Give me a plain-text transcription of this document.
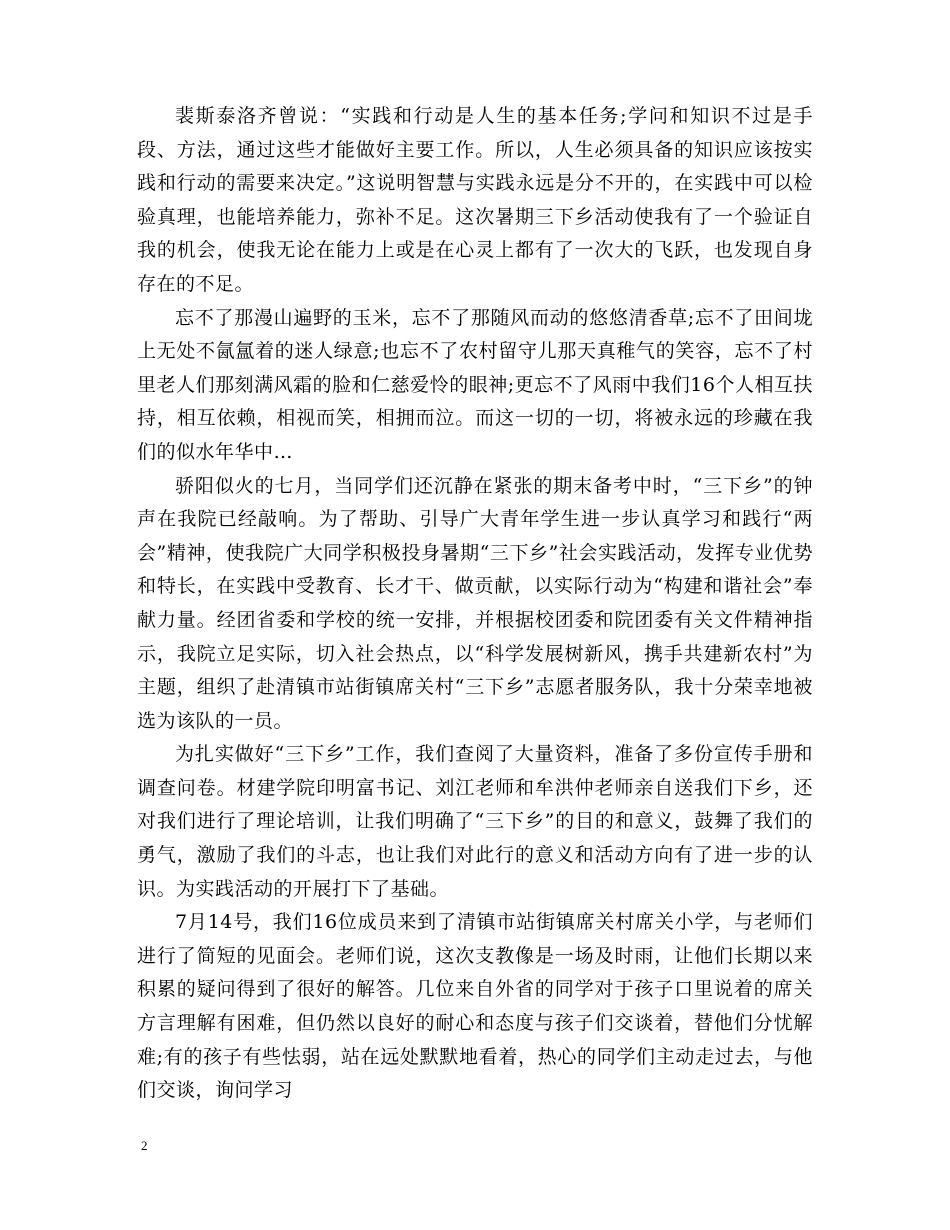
裴斯泰洛齐曾说：“实践和行动是人生的基本任务;学问和知识不过是手段、方法，通过这些才能做好主要工作。所以，人生必须具备的知识应该按实践和行动的需要来决定。”这说明智慧与实践永远是分不开的，在实践中可以检验真理，也能培养能力，弥补不足。这次暑期三下乡活动使我有了一个验证自我的机会，使我无论在能力上或是在心灵上都有了一次大的飞跃，也发现自身存在的不足。

忘不了那漫山遍野的玉米，忘不了那随风而动的悠悠清香草;忘不了田间垅上无处不氤氲着的迷人绿意;也忘不了农村留守儿那天真稚气的笑容，忘不了村里老人们那刻满风霜的脸和仁慈爱怜的眼神;更忘不了风雨中我们16个人相互扶持，相互依赖，相视而笑，相拥而泣。而这一切的一切，将被永远的珍藏在我们的似水年华中…

骄阳似火的七月，当同学们还沉静在紧张的期末备考中时，“三下乡”的钟声在我院已经敲响。为了帮助、引导广大青年学生进一步认真学习和践行“两会”精神，使我院广大同学积极投身暑期“三下乡”社会实践活动，发挥专业优势和特长，在实践中受教育、长才干、做贡献，以实际行动为“构建和谐社会”奉献力量。经团省委和学校的统一安排，并根据校团委和院团委有关文件精神指示，我院立足实际，切入社会热点，以“科学发展树新风，携手共建新农村”为主题，组织了赴清镇市站街镇席关村“三下乡”志愿者服务队，我十分荣幸地被选为该队的一员。

为扎实做好“三下乡”工作，我们查阅了大量资料，准备了多份宣传手册和调查问卷。材建学院印明富书记、刘江老师和牟洪仲老师亲自送我们下乡，还对我们进行了理论培训，让我们明确了“三下乡”的目的和意义，鼓舞了我们的勇气，激励了我们的斗志，也让我们对此行的意义和活动方向有了进一步的认识。为实践活动的开展打下了基础。

7月14号，我们16位成员来到了清镇市站街镇席关村席关小学，与老师们进行了简短的见面会。老师们说，这次支教像是一场及时雨，让他们长期以来积累的疑问得到了很好的解答。几位来自外省的同学对于孩子口里说着的席关方言理解有困难，但仍然以良好的耐心和态度与孩子们交谈着，替他们分忧解难;有的孩子有些怯弱，站在远处默默地看着，热心的同学们主动走过去，与他们交谈，询问学习

2
